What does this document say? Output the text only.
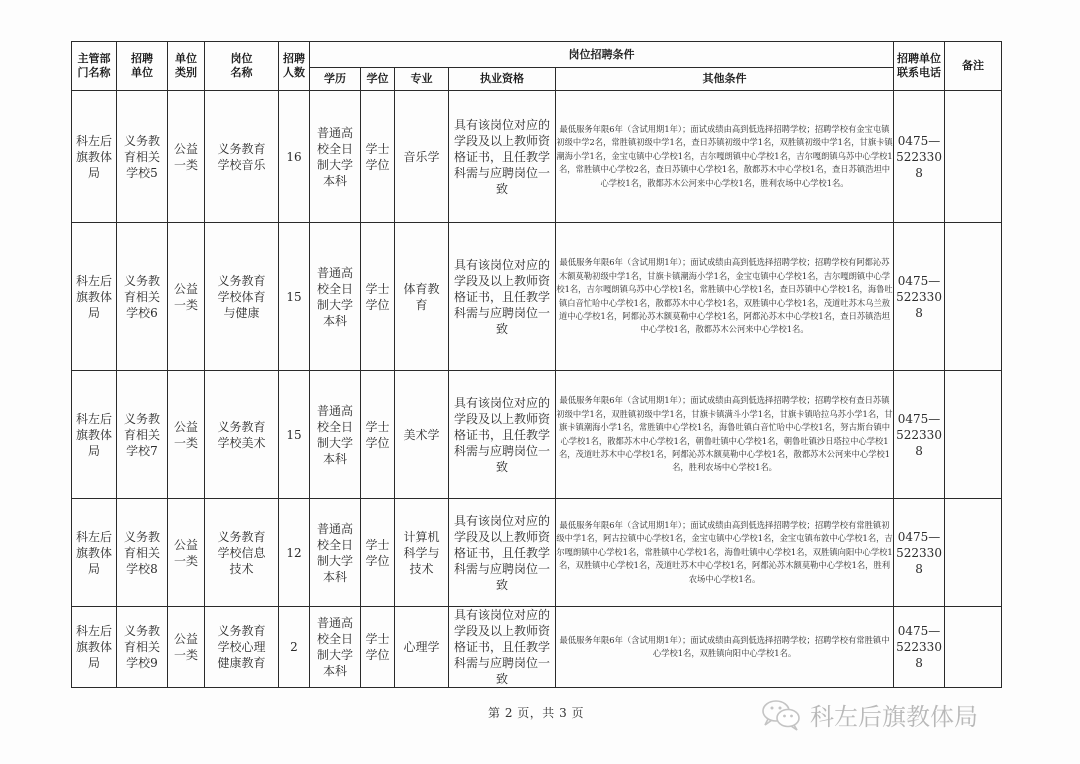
主管部门名称	招聘单位	单位类别	岗位名称	招聘人数	岗位招聘条件					招聘单位联系电话	备注
					学历	学位	专业	执业资格	其他条件		

科左后旗教体局	义务教育相关学校5	公益一类	义务教育学校音乐	16	普通高校全日制大学本科	学士学位	音乐学	具有该岗位对应的学段及以上教师资格证书，且任教学科需与应聘岗位一致	最低服务年限6年（含试用期1年）；面试成绩由高到低选择招聘学校；招聘学校有金宝屯镇初级中学2名，常胜镇初级中学1名，查日苏镇初级中学1名，双胜镇初级中学1名，甘旗卡镇潮海小学1名，金宝屯镇中心学校1名，吉尔嘎朗镇中心学校1名，吉尔嘎朗镇乌苏中心学校1名，常胜镇中心学校2名，查日苏镇中心学校1名，散都苏木中心学校1名，查日苏镇浩坦中心学校1名，散都苏木公河来中心学校1名，胜利农场中心学校1名。	0475—5223308	

科左后旗教体局	义务教育相关学校6	公益一类	义务教育学校体育与健康	15	普通高校全日制大学本科	学士学位	体育教育	具有该岗位对应的学段及以上教师资格证书，且任教学科需与应聘岗位一致	最低服务年限6年（含试用期1年）；面试成绩由高到低选择招聘学校；招聘学校有阿都沁苏木额莫勒初级中学1名，甘旗卡镇潮海小学1名，金宝屯镇中心学校1名，吉尔嘎朗镇中心学校1名，吉尔嘎朗镇乌苏中心学校1名，常胜镇中心学校1名，查日苏镇中心学校1名，海鲁吐镇白音忙哈中心学校1名，散都苏木中心学校1名，双胜镇中心学校1名，茂道吐苏木乌兰敖道中心学校1名，阿都沁苏木额莫勒中心学校1名，阿都沁苏木中心学校1名，查日苏镇浩坦中心学校1名，散都苏木公河来中心学校1名。	0475—5223308	

科左后旗教体局	义务教育相关学校7	公益一类	义务教育学校美术	15	普通高校全日制大学本科	学士学位	美术学	具有该岗位对应的学段及以上教师资格证书，且任教学科需与应聘岗位一致	最低服务年限6年（含试用期1年）；面试成绩由高到低选择招聘学校；招聘学校有查日苏镇初级中学1名，双胜镇初级中学1名，甘旗卡镇满斗小学1名，甘旗卡镇哈拉乌苏小学1名，甘旗卡镇潮海小学1名，常胜镇中心学校1名，海鲁吐镇白音忙哈中心学校1名，努古斯台镇中心学校1名，散都苏木中心学校1名，朝鲁吐镇中心学校1名，朝鲁吐镇沙日塔拉中心学校1名，茂道吐苏木中心学校1名，阿都沁苏木额莫勒中心学校1名，散都苏木公河来中心学校1名，胜利农场中心学校1名。	0475—5223308	

科左后旗教体局	义务教育相关学校8	公益一类	义务教育学校信息技术	12	普通高校全日制大学本科	学士学位	计算机科学与技术	具有该岗位对应的学段及以上教师资格证书，且任教学科需与应聘岗位一致	最低服务年限6年（含试用期1年）；面试成绩由高到低选择招聘学校；招聘学校有常胜镇初级中学1名，阿古拉镇中心学校1名，金宝屯镇中心学校1名，金宝屯镇布敦中心学校1名，吉尔嘎朗镇中心学校1名，常胜镇中心学校1名，海鲁吐镇中心学校1名，双胜镇向阳中心学校1名，双胜镇中心学校1名，茂道吐苏木中心学校1名，阿都沁苏木额莫勒中心学校1名，胜利农场中心学校1名。	0475—5223308	

科左后旗教体局	义务教育相关学校9	公益一类	义务教育学校心理健康教育	2	普通高校全日制大学本科	学士学位	心理学	具有该岗位对应的学段及以上教师资格证书，且任教学科需与应聘岗位一致	最低服务年限6年（含试用期1年）；面试成绩由高到低选择招聘学校；招聘学校有常胜镇中心学校1名，双胜镇向阳中心学校1名。	0475—5223308	

第 2 页，共 3 页	科左后旗教体局
